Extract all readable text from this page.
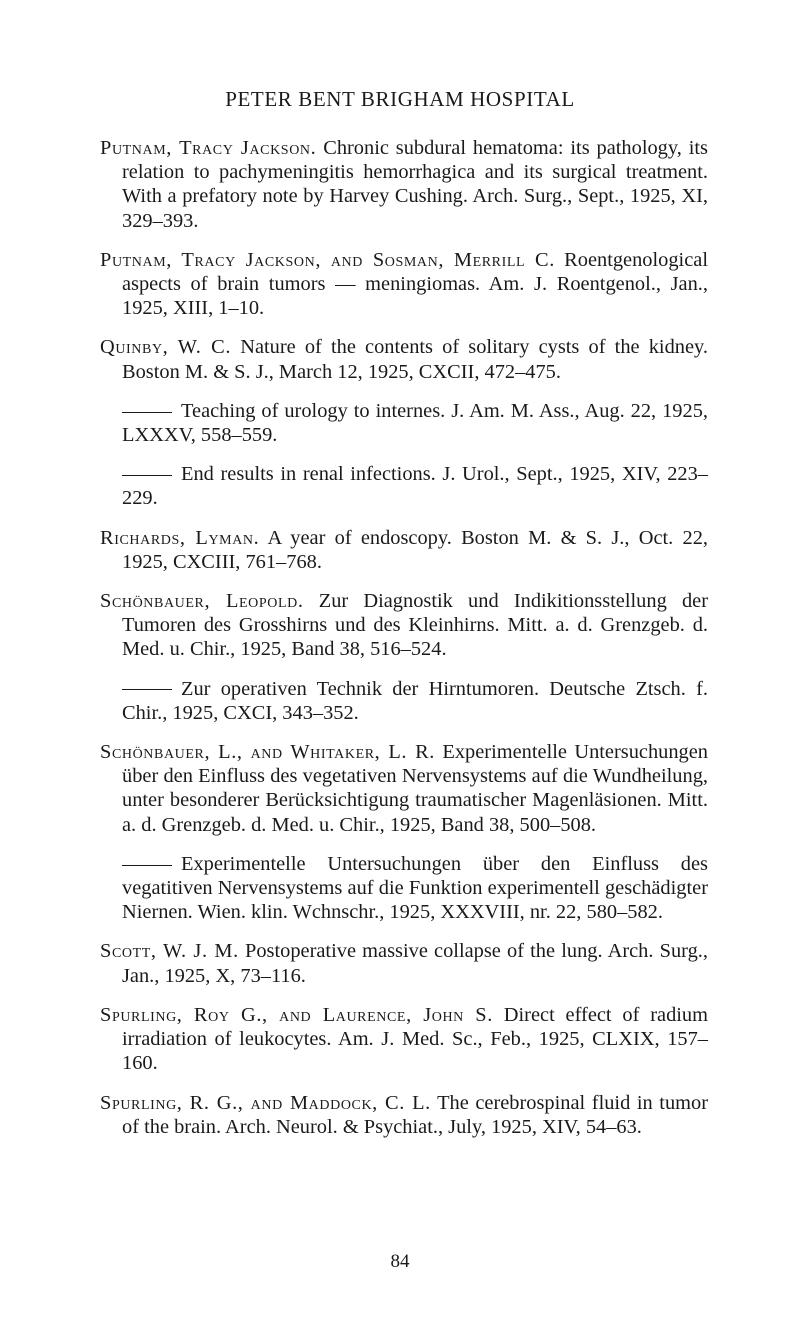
PETER BENT BRIGHAM HOSPITAL

Putnam, Tracy Jackson. Chronic subdural hematoma: its pathology, its relation to pachymeningitis hemorrhagica and its surgical treatment. With a prefatory note by Harvey Cushing. Arch. Surg., Sept., 1925, XI, 329–393.

Putnam, Tracy Jackson, and Sosman, Merrill C. Roentgenological aspects of brain tumors — meningiomas. Am. J. Roentgenol., Jan., 1925, XIII, 1–10.

Quinby, W. C. Nature of the contents of solitary cysts of the kidney. Boston M. & S. J., March 12, 1925, CXCII, 472–475.

Teaching of urology to internes. J. Am. M. Ass., Aug. 22, 1925, LXXXV, 558–559.

End results in renal infections. J. Urol., Sept., 1925, XIV, 223–229.

Richards, Lyman. A year of endoscopy. Boston M. & S. J., Oct. 22, 1925, CXCIII, 761–768.

Schönbauer, Leopold. Zur Diagnostik und Indikitionsstellung der Tumoren des Grosshirns und des Kleinhirns. Mitt. a. d. Grenzgeb. d. Med. u. Chir., 1925, Band 38, 516–524.

Zur operativen Technik der Hirntumoren. Deutsche Ztsch. f. Chir., 1925, CXCI, 343–352.

Schönbauer, L., and Whitaker, L. R. Experimentelle Untersuchungen über den Einfluss des vegetativen Nervensystems auf die Wundheilung, unter besonderer Berücksichtigung traumatischer Magenläsionen. Mitt. a. d. Grenzgeb. d. Med. u. Chir., 1925, Band 38, 500–508.

Experimentelle Untersuchungen über den Einfluss des vegatitiven Nervensystems auf die Funktion experimentell geschädigter Niernen. Wien. klin. Wchnschr., 1925, XXXVIII, nr. 22, 580–582.

Scott, W. J. M. Postoperative massive collapse of the lung. Arch. Surg., Jan., 1925, X, 73–116.

Spurling, Roy G., and Laurence, John S. Direct effect of radium irradiation of leukocytes. Am. J. Med. Sc., Feb., 1925, CLXIX, 157–160.

Spurling, R. G., and Maddock, C. L. The cerebrospinal fluid in tumor of the brain. Arch. Neurol. & Psychiat., July, 1925, XIV, 54–63.

84
